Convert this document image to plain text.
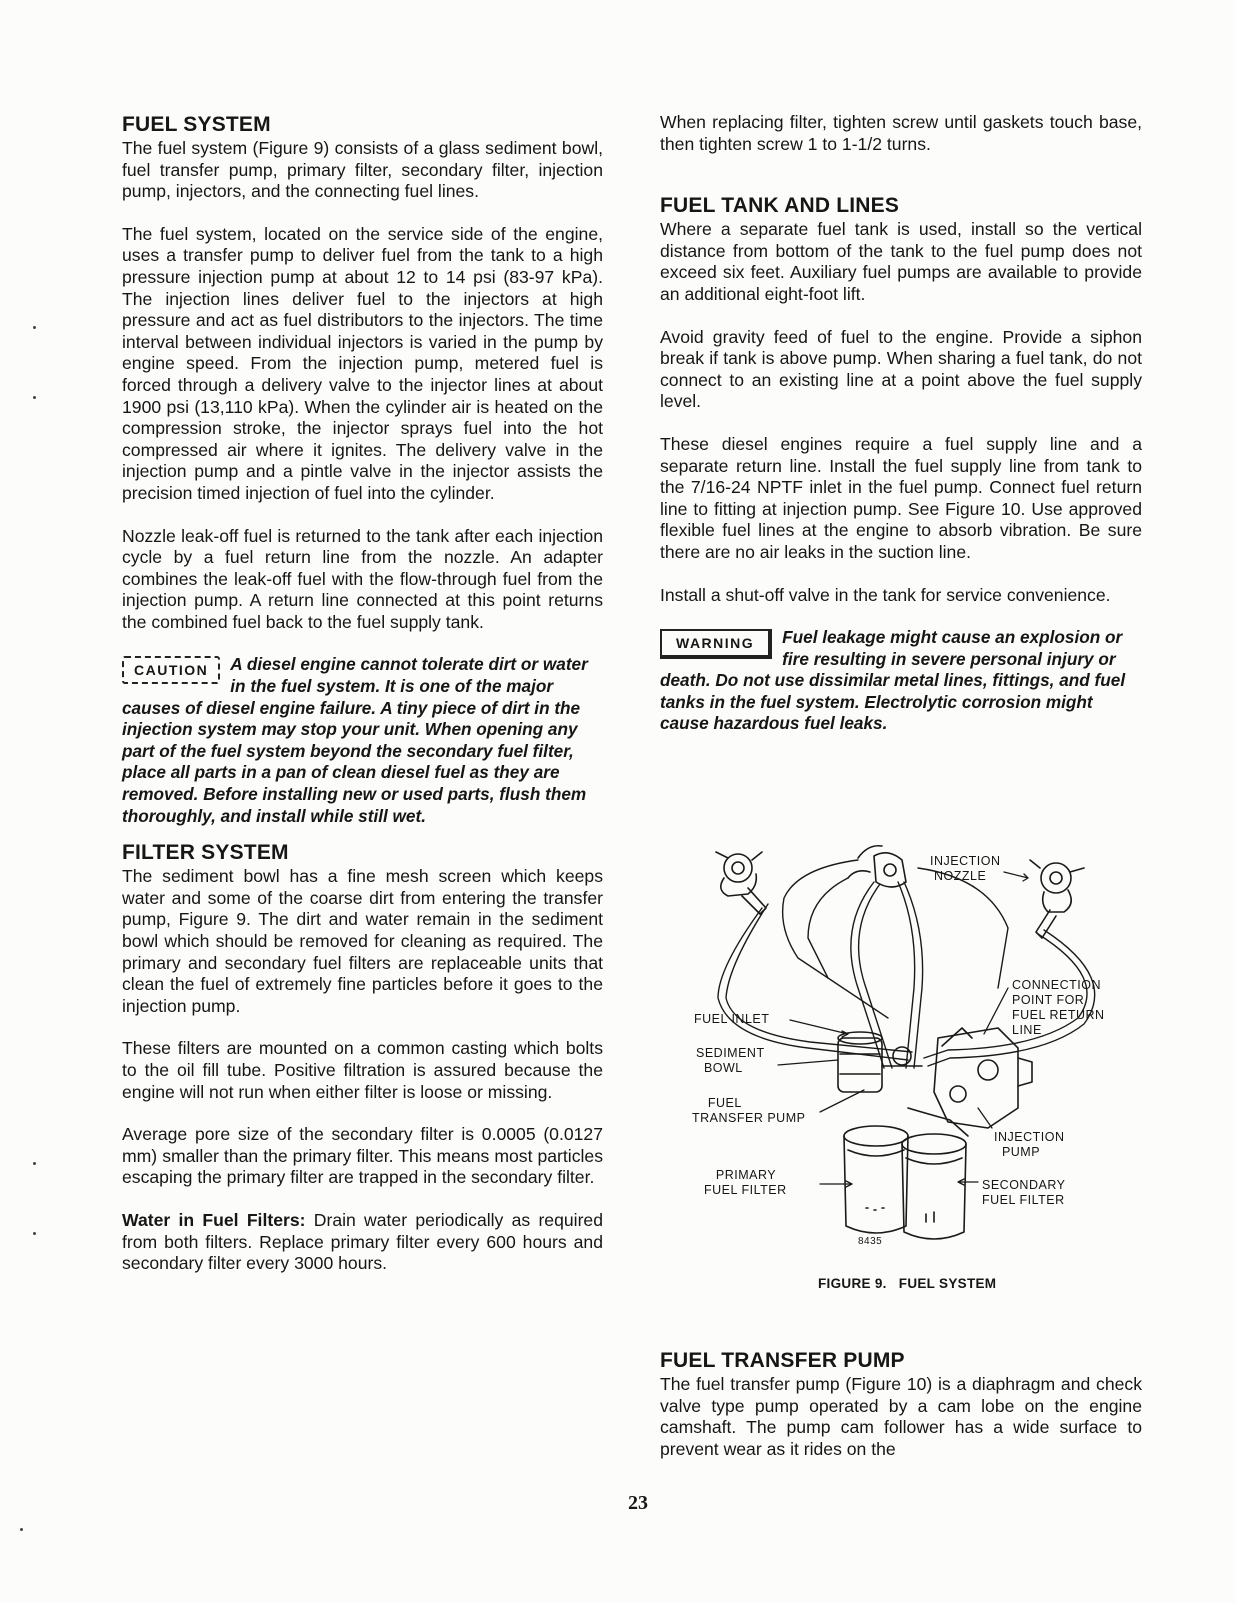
FUEL SYSTEM

The fuel system (Figure 9) consists of a glass sediment bowl, fuel transfer pump, primary filter, secondary filter, injection pump, injectors, and the connecting fuel lines.

The fuel system, located on the service side of the engine, uses a transfer pump to deliver fuel from the tank to a high pressure injection pump at about 12 to 14 psi (83-97 kPa). The injection lines deliver fuel to the injectors at high pressure and act as fuel distributors to the injectors. The time interval between individual injectors is varied in the pump by engine speed. From the injection pump, metered fuel is forced through a delivery valve to the injector lines at about 1900 psi (13,110 kPa). When the cylinder air is heated on the compression stroke, the injector sprays fuel into the hot compressed air where it ignites. The delivery valve in the injection pump and a pintle valve in the injector assists the precision timed injection of fuel into the cylinder.

Nozzle leak-off fuel is returned to the tank after each injection cycle by a fuel return line from the nozzle. An adapter combines the leak-off fuel with the flow-through fuel from the injection pump. A return line connected at this point returns the combined fuel back to the fuel supply tank.

CAUTION	A diesel engine cannot tolerate dirt or water in the fuel system. It is one of the major causes of diesel engine failure. A tiny piece of dirt in the injection system may stop your unit. When opening any part of the fuel system beyond the secondary fuel filter, place all parts in a pan of clean diesel fuel as they are removed. Before installing new or used parts, flush them thoroughly, and install while still wet.
FILTER SYSTEM

The sediment bowl has a fine mesh screen which keeps water and some of the coarse dirt from entering the transfer pump, Figure 9. The dirt and water remain in the sediment bowl which should be removed for cleaning as required. The primary and secondary fuel filters are replaceable units that clean the fuel of extremely fine particles before it goes to the injection pump.

These filters are mounted on a common casting which bolts to the oil fill tube. Positive filtration is assured because the engine will not run when either filter is loose or missing.

Average pore size of the secondary filter is 0.0005 (0.0127 mm) smaller than the primary filter. This means most particles escaping the primary filter are trapped in the secondary filter.

Water in Fuel Filters: Drain water periodically as required from both filters. Replace primary filter every 600 hours and secondary filter every 3000 hours.

When replacing filter, tighten screw until gaskets touch base, then tighten screw 1 to 1-1/2 turns.

FUEL TANK AND LINES

Where a separate fuel tank is used, install so the vertical distance from bottom of the tank to the fuel pump does not exceed six feet. Auxiliary fuel pumps are available to provide an additional eight-foot lift.

Avoid gravity feed of fuel to the engine. Provide a siphon break if tank is above pump. When sharing a fuel tank, do not connect to an existing line at a point above the fuel supply level.

These diesel engines require a fuel supply line and a separate return line. Install the fuel supply line from tank to the 7/16-24 NPTF inlet in the fuel pump. Connect fuel return line to fitting at injection pump. See Figure 10. Use approved flexible fuel lines at the engine to absorb vibration. Be sure there are no air leaks in the suction line.

Install a shut-off valve in the tank for service convenience.

WARNING	Fuel leakage might cause an explosion or fire resulting in severe personal injury or death. Do not use dissimilar metal lines, fittings, and fuel tanks in the fuel system. Electrolytic corrosion might cause hazardous fuel leaks.
INJECTION
NOZZLE
CONNECTION
POINT FOR
FUEL RETURN
LINE
FUEL INLET
SEDIMENT
BOWL
FUEL
TRANSFER PUMP
INJECTION
PUMP
PRIMARY
FUEL FILTER	SECONDARY
FUEL FILTER
8435
FIGURE 9. FUEL SYSTEM
FUEL TRANSFER PUMP

The fuel transfer pump (Figure 10) is a diaphragm and check valve type pump operated by a cam lobe on the engine camshaft. The pump cam follower has a wide surface to prevent wear as it rides on the

23
